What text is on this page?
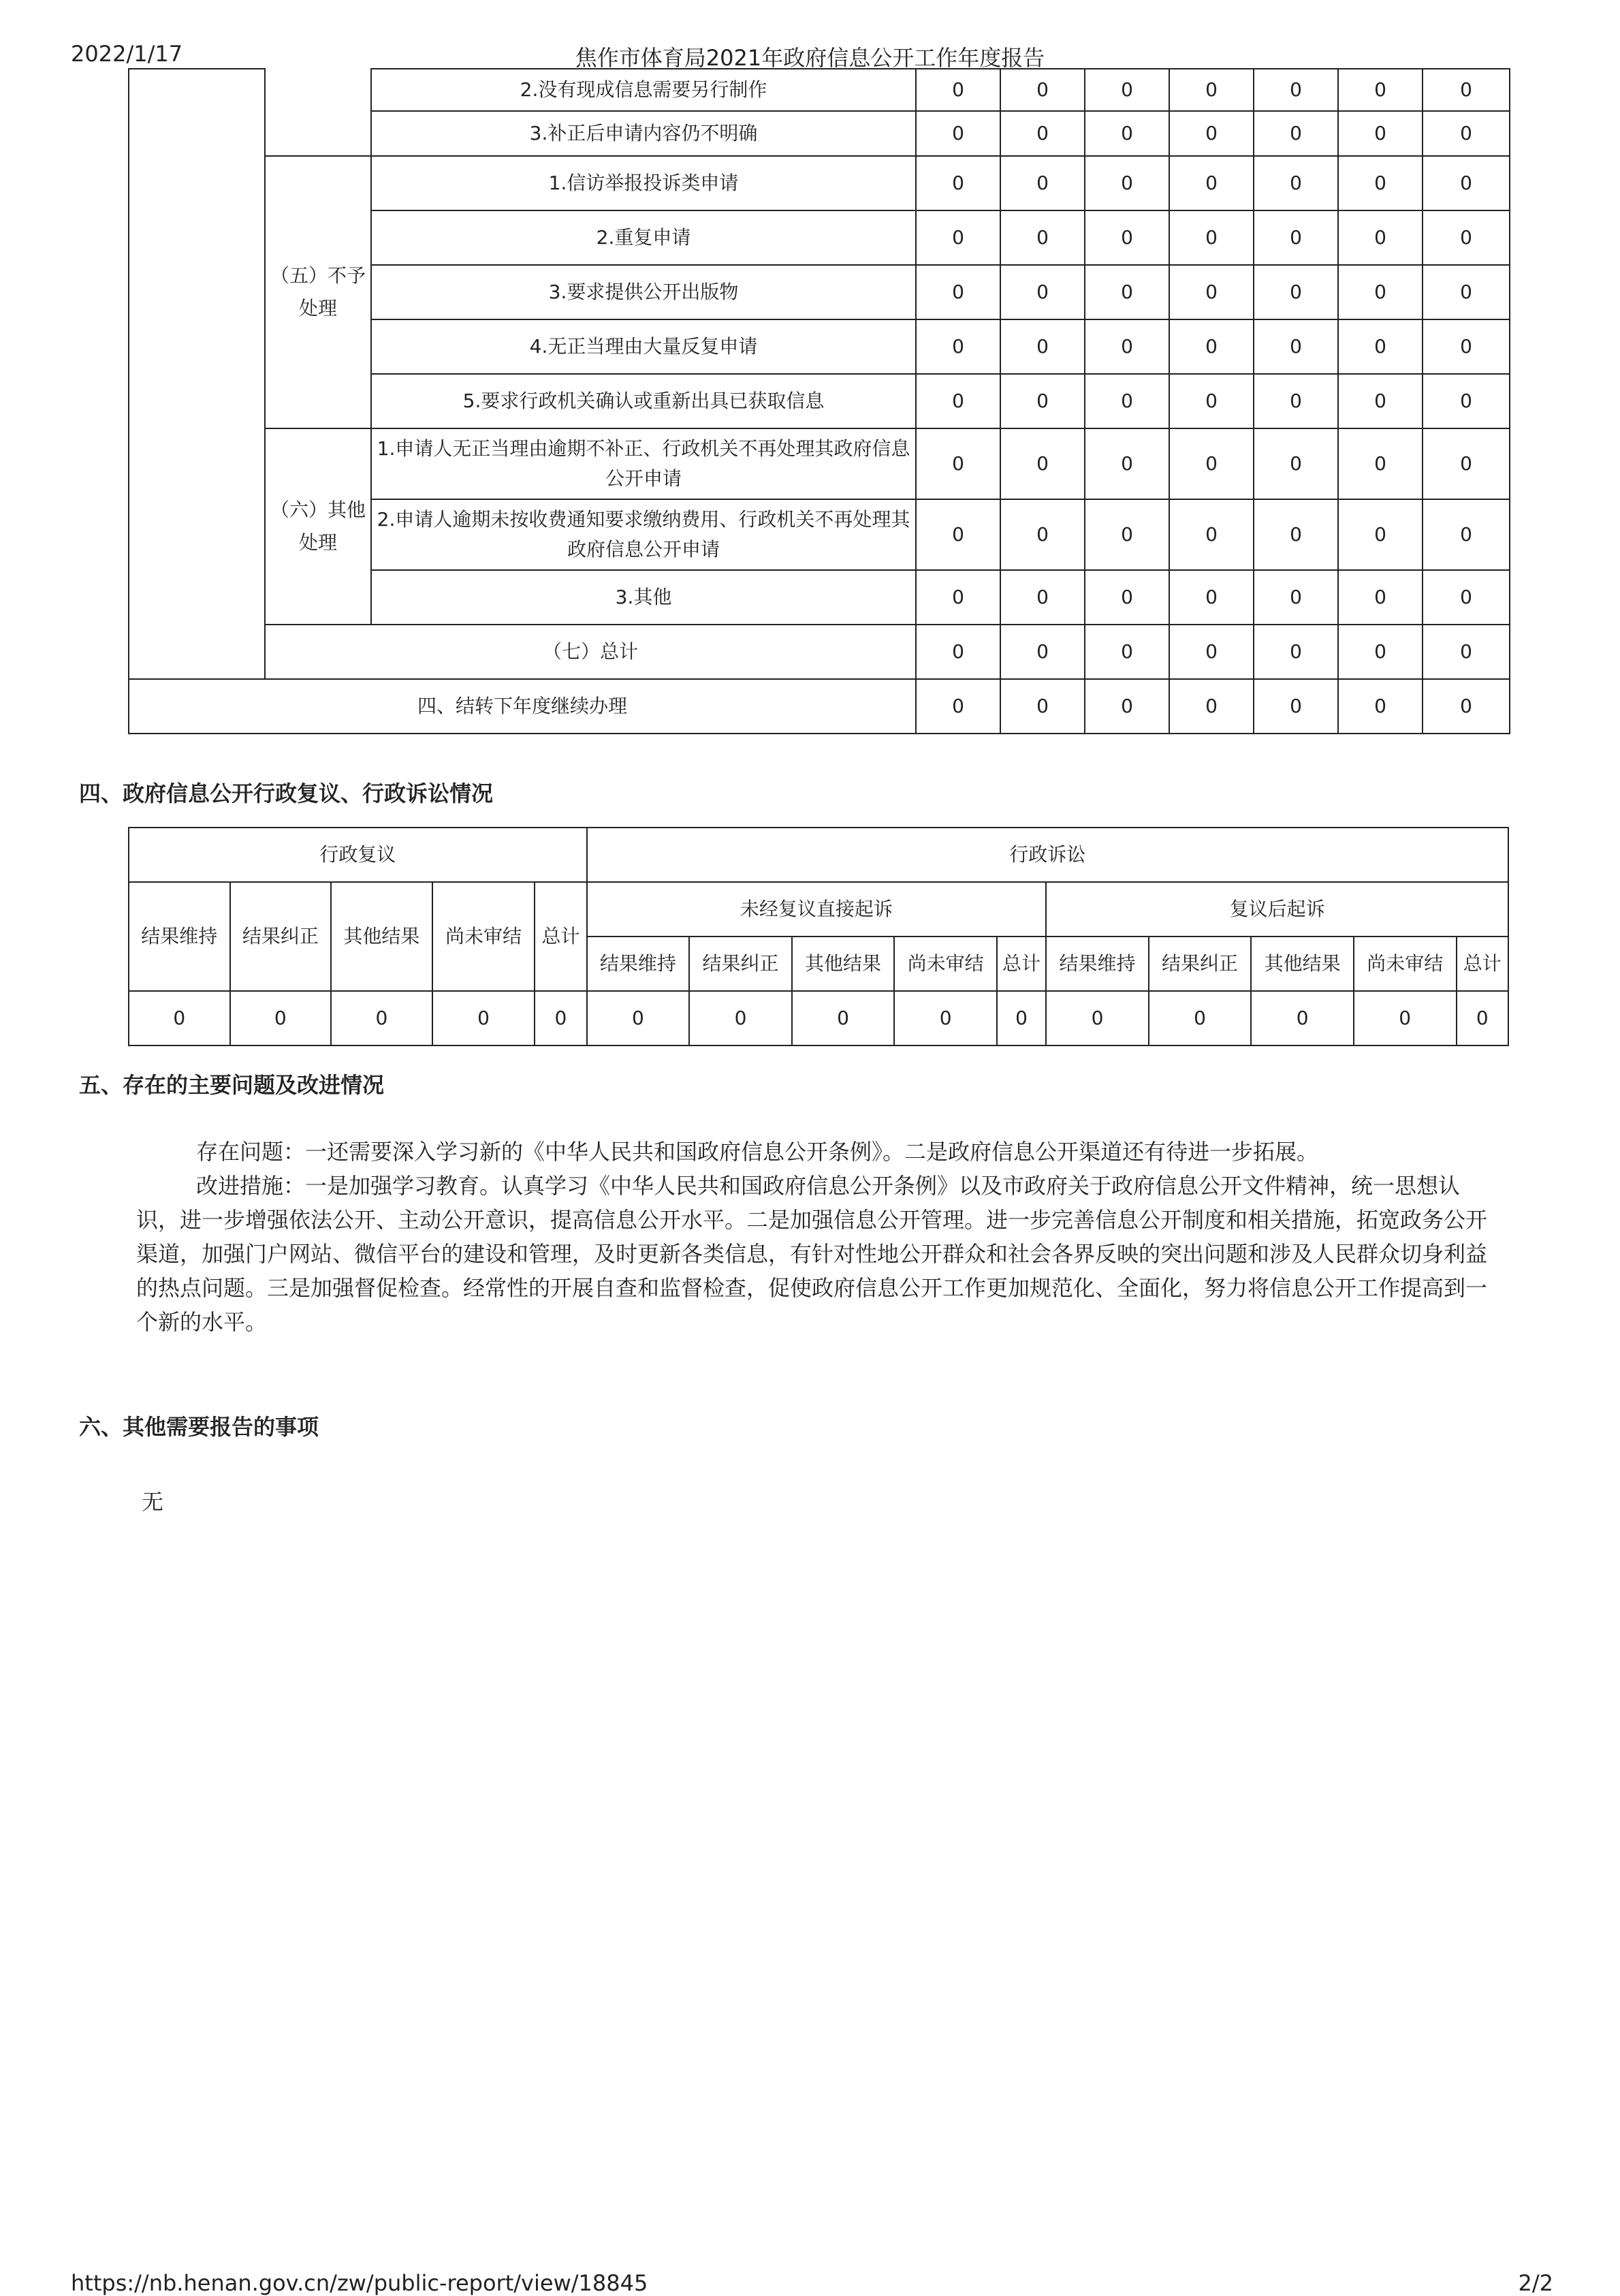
2022/1/17	焦作市体育局2021年政府信息公开工作年度报告
		2.没有现成信息需要另行制作	0	0	0	0	0	0	0
		3.补正后申请内容仍不明确	0	0	0	0	0	0	0
	（五）不予处理	1.信访举报投诉类申请	0	0	0	0	0	0	0
		2.重复申请	0	0	0	0	0	0	0
		3.要求提供公开出版物	0	0	0	0	0	0	0
		4.无正当理由大量反复申请	0	0	0	0	0	0	0
		5.要求行政机关确认或重新出具已获取信息	0	0	0	0	0	0	0
	（六）其他处理	1.申请人无正当理由逾期不补正、行政机关不再处理其政府信息公开申请	0	0	0	0	0	0	0
		2.申请人逾期未按收费通知要求缴纳费用、行政机关不再处理其政府信息公开申请	0	0	0	0	0	0	0
		3.其他	0	0	0	0	0	0	0
	（七）总计		0	0	0	0	0	0	0
四、结转下年度继续办理			0	0	0	0	0	0	0
四、政府信息公开行政复议、行政诉讼情况
行政复议					行政诉讼									
结果维持	结果纠正	其他结果	尚未审结	总计	未经复议直接起诉					复议后起诉				
					结果维持	结果纠正	其他结果	尚未审结	总计	结果维持	结果纠正	其他结果	尚未审结	总计
0	0	0	0	0	0	0	0	0	0	0	0	0	0	0
五、存在的主要问题及改进情况

存在问题：一还需要深入学习新的《中华人民共和国政府信息公开条例》。二是政府信息公开渠道还有待进一步拓展。

改进措施：一是加强学习教育。认真学习《中华人民共和国政府信息公开条例》以及市政府关于政府信息公开文件精神，统一思想认识，进一步增强依法公开、主动公开意识，提高信息公开水平。二是加强信息公开管理。进一步完善信息公开制度和相关措施，拓宽政务公开渠道，加强门户网站、微信平台的建设和管理，及时更新各类信息，有针对性地公开群众和社会各界反映的突出问题和涉及人民群众切身利益的热点问题。三是加强督促检查。经常性的开展自查和监督检查，促使政府信息公开工作更加规范化、全面化，努力将信息公开工作提高到一个新的水平。

六、其他需要报告的事项
无
https://nb.henan.gov.cn/zw/public-report/view/18845	2/2
